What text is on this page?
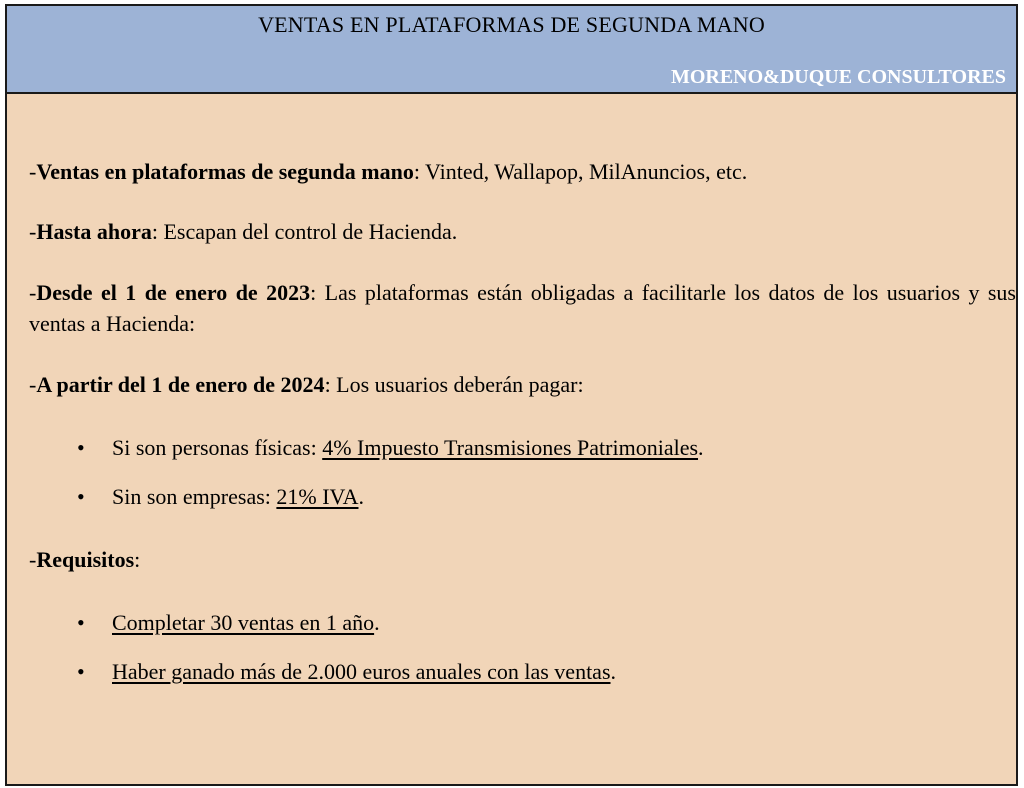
VENTAS EN PLATAFORMAS DE SEGUNDA MANO
MORENO&DUQUE CONSULTORES

-Ventas en plataformas de segunda mano: Vinted, Wallapop, MilAnuncios, etc.

-Hasta ahora: Escapan del control de Hacienda.

-Desde el 1 de enero de 2023: Las plataformas están obligadas a facilitarle los datos de los usuarios y sus ventas a Hacienda:

-A partir del 1 de enero de 2024: Los usuarios deberán pagar:

• Si son personas físicas: 4% Impuesto Transmisiones Patrimoniales.
• Sin son empresas: 21% IVA.

-Requisitos:

• Completar 30 ventas en 1 año.
• Haber ganado más de 2.000 euros anuales con las ventas.
